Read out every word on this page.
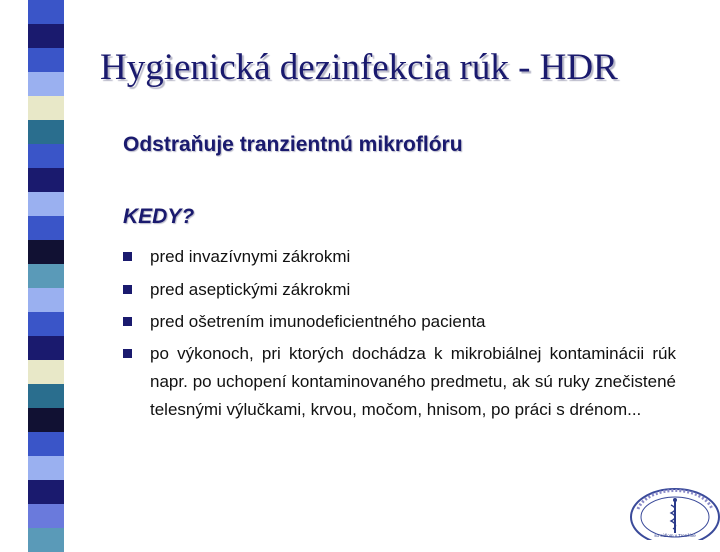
Hygienická dezinfekcia rúk - HDR
Odstraňuje tranzientnú mikroflóru
KEDY?
pred invazívnymi zákrokmi
pred aseptickými zákrokmi
pred ošetrením imunodeficientného pacienta
po výkonoch, pri ktorých dochádza k mikrobiálnej kontaminácii rúk napr. po uchopení kontaminovaného predmetu, ak sú ruky znečistené telesnými výlučkami, krvou, močom, hnisom, po práci s drénom...
so sídlom v Trenčíne
